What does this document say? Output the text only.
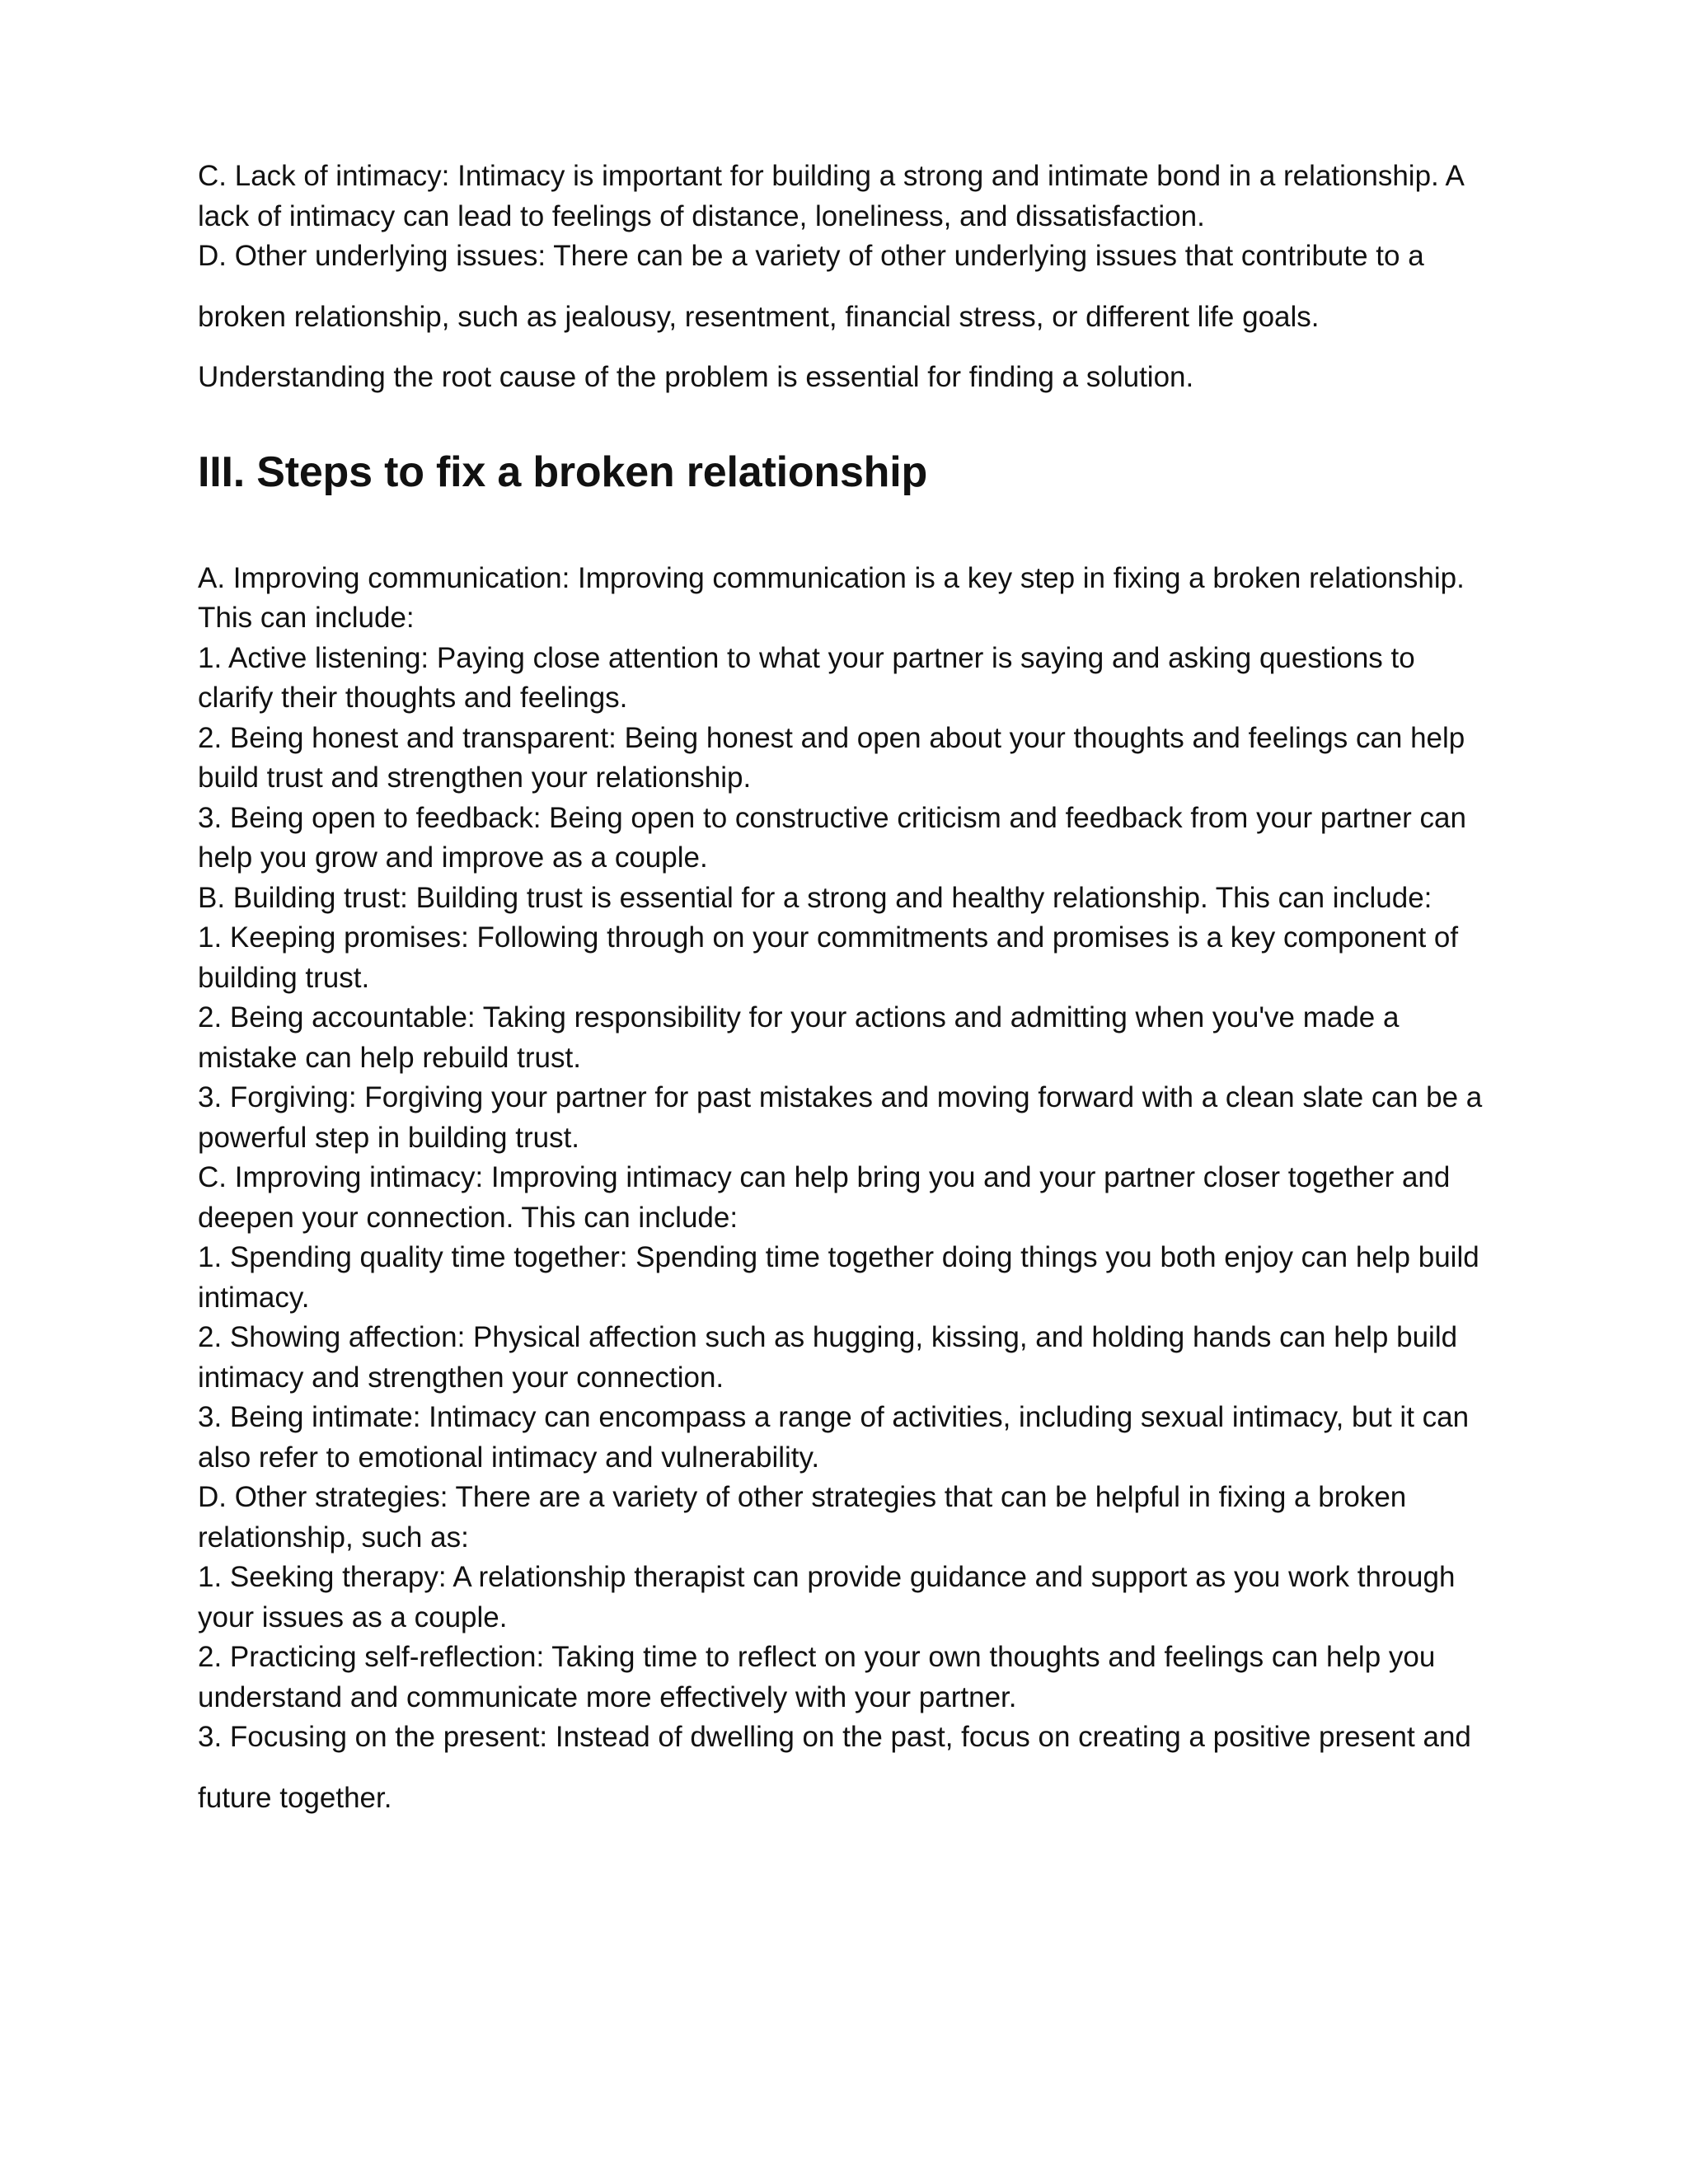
C. Lack of intimacy: Intimacy is important for building a strong and intimate bond in a relationship. A

lack of intimacy can lead to feelings of distance, loneliness, and dissatisfaction.

D. Other underlying issues: There can be a variety of other underlying issues that contribute to a

broken relationship, such as jealousy, resentment, financial stress, or different life goals.

Understanding the root cause of the problem is essential for finding a solution.

III. Steps to fix a broken relationship

A. Improving communication: Improving communication is a key step in fixing a broken relationship.

This can include:

1. Active listening: Paying close attention to what your partner is saying and asking questions to

clarify their thoughts and feelings.

2. Being honest and transparent: Being honest and open about your thoughts and feelings can help

build trust and strengthen your relationship.

3. Being open to feedback: Being open to constructive criticism and feedback from your partner can

help you grow and improve as a couple.

B. Building trust: Building trust is essential for a strong and healthy relationship. This can include:

1. Keeping promises: Following through on your commitments and promises is a key component of

building trust.

2. Being accountable: Taking responsibility for your actions and admitting when you've made a

mistake can help rebuild trust.

3. Forgiving: Forgiving your partner for past mistakes and moving forward with a clean slate can be a

powerful step in building trust.

C. Improving intimacy: Improving intimacy can help bring you and your partner closer together and

deepen your connection. This can include:

1. Spending quality time together: Spending time together doing things you both enjoy can help build

intimacy.

2. Showing affection: Physical affection such as hugging, kissing, and holding hands can help build

intimacy and strengthen your connection.

3. Being intimate: Intimacy can encompass a range of activities, including sexual intimacy, but it can

also refer to emotional intimacy and vulnerability.

D. Other strategies: There are a variety of other strategies that can be helpful in fixing a broken

relationship, such as:

1. Seeking therapy: A relationship therapist can provide guidance and support as you work through

your issues as a couple.

2. Practicing self-reflection: Taking time to reflect on your own thoughts and feelings can help you

understand and communicate more effectively with your partner.

3. Focusing on the present: Instead of dwelling on the past, focus on creating a positive present and

future together.
